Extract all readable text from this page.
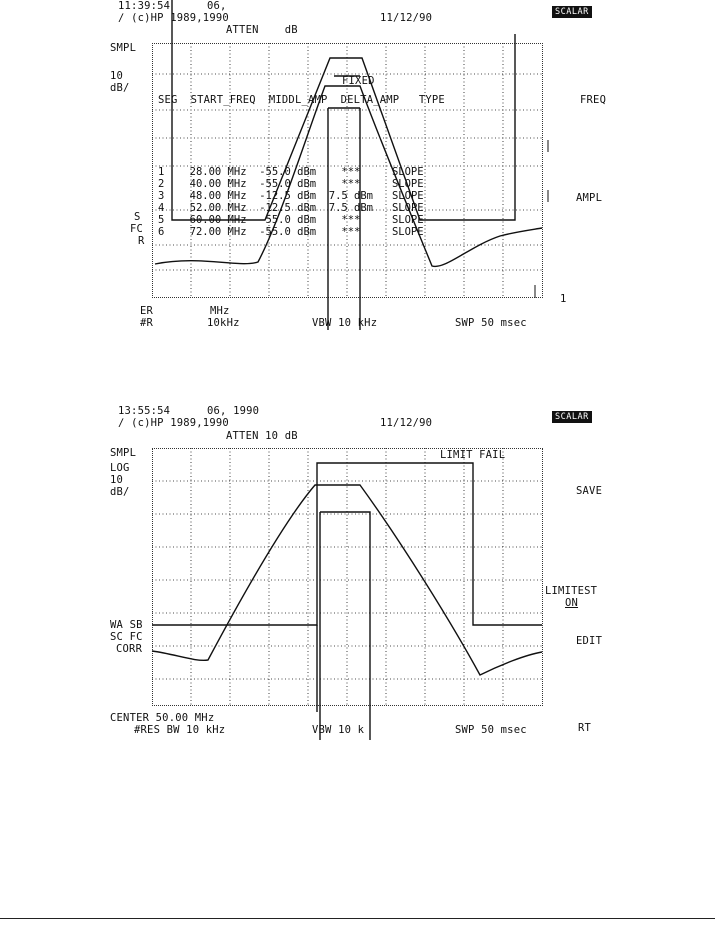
11:39:54	06,
∕ (c)HP 1989,1990	11/12/90	SCALAR
ATTEN    dB
SMPL
10
dB/
S
FC
R
FIXED
SEG  START_FREQ  MIDDL_AMP  DELTA_AMP   TYPE
1 28.00 MHz -55.0 dBm    ***	SLOPE
2 40.00 MHz -55.0 dBm    ***	SLOPE
3 48.00 MHz -12.5 dBm 7.5 dBm SLOPE
4 52.00 MHz -12.5 dBm 7.5 dBm SLOPE
5 60.00 MHz -55.0 dBm    ***	SLOPE
6 72.00 MHz -55.0 dBm    ***	SLOPE
FREQ
AMPL
1
ER
#R
MHz
10kHz	VBW 10 kHz	SWP 50 msec
13:55:54	06, 1990
∕ (c)HP 1989,1990	11/12/90	SCALAR
ATTEN 10 dB
SMPL
LOG
10
dB/
WA SB
SC FC
CORR
LIMIT FAIL
SAVE
LIMITEST
ON
EDIT
RT
CENTER 50.00 MHz
#RES BW 10 kHz	VBW 10 k	SWP 50 msec
